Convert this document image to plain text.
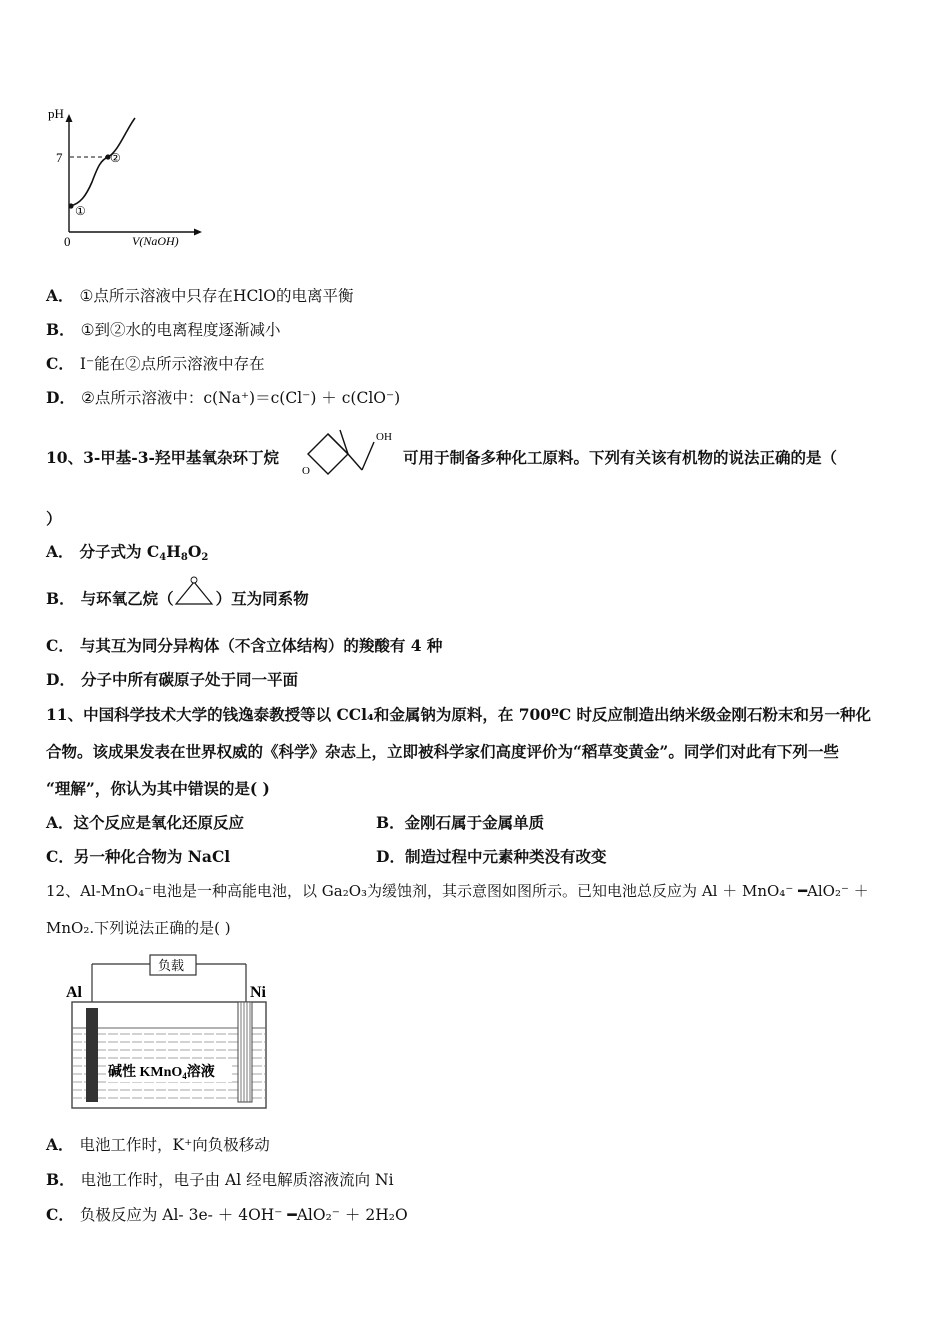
pH
7
0	V(NaOH)
①
②
A． ①点所示溶液中只存在HClO的电离平衡
B． ①到②水的电离程度逐渐减小
C． I⁻能在②点所示溶液中存在
D． ②点所示溶液中：c(Na⁺)＝c(Cl⁻) ＋ c(ClO⁻)
10、3-甲基-3-羟甲基氧杂环丁烷
O
OH
可用于制备多种化工原料。下列有关该有机物的说法正确的是（
）
A． 分子式为 $C_4H_8O_2$
B． 与环氧乙烷（	）互为同系物
C． 与其互为同分异构体（不含立体结构）的羧酸有 4 种
D． 分子中所有碳原子处于同一平面
11、中国科学技术大学的钱逸泰教授等以 CCl₄和金属钠为原料，在 700ºC 时反应制造出纳米级金刚石粉末和另一种化
合物。该成果发表在世界权威的《科学》杂志上，立即被科学家们高度评价为“稻草变黄金”。同学们对此有下列一些
“理解”，你认为其中错误的是( )
A．这个反应是氧化还原反应	B．金刚石属于金属单质
C．另一种化合物为 NaCl	D．制造过程中元素种类没有改变
12、Al-MnO₄⁻电池是一种高能电池，以 Ga₂O₃为缓蚀剂，其示意图如图所示。已知电池总反应为 Al ＋ MnO₄⁻ ━AlO₂⁻ ＋
MnO₂.下列说法正确的是( )
负载
Al	Ni
碱性 KMnO$_4$溶液
A． 电池工作时，K⁺向负极移动
B． 电池工作时，电子由 Al 经电解质溶液流向 Ni
C． 负极反应为 Al- 3e- ＋ 4OH⁻ ━AlO₂⁻ ＋ 2H₂O
